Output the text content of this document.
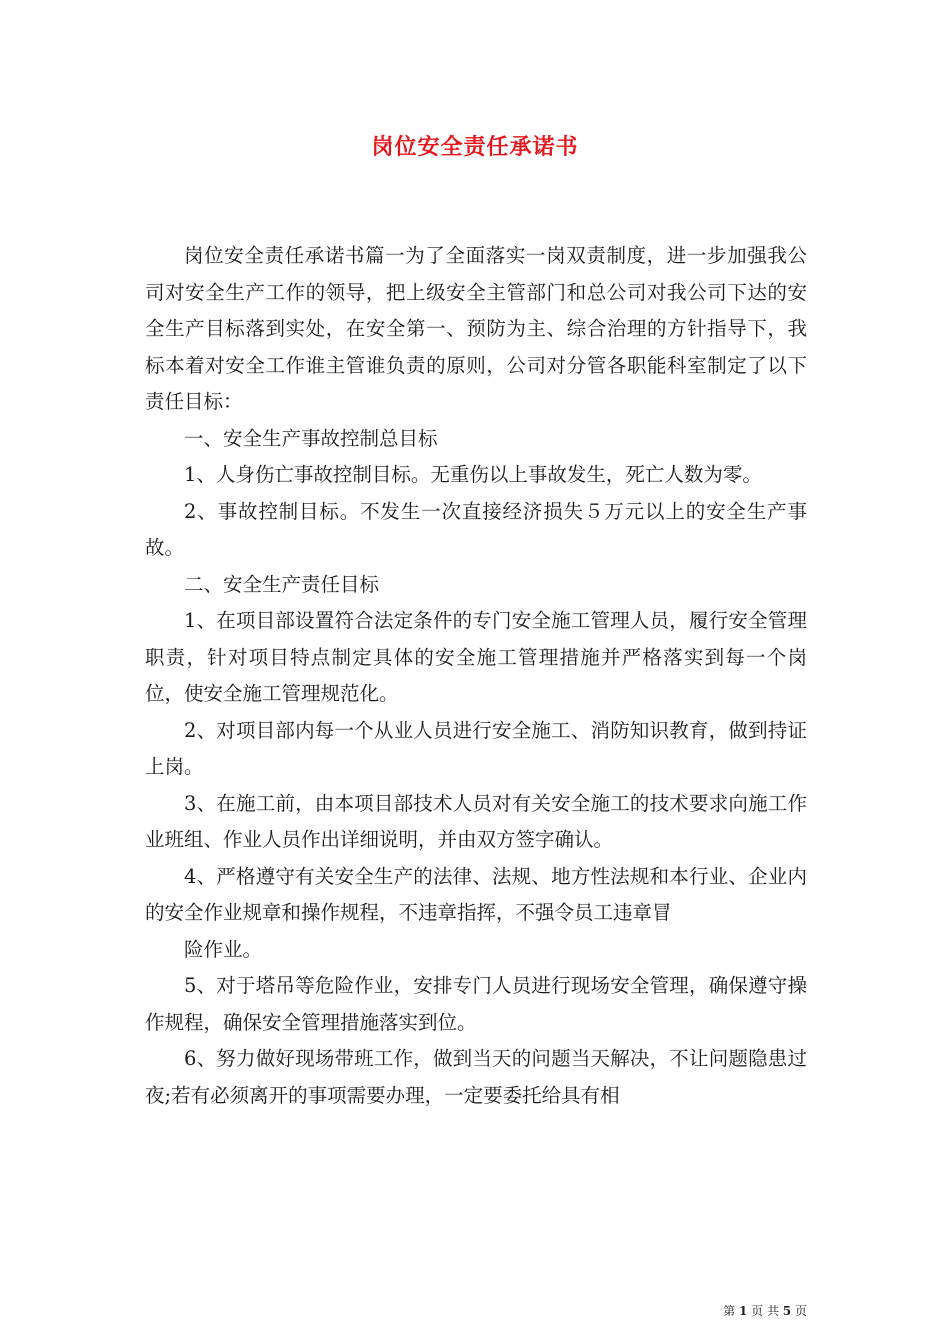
岗位安全责任承诺书

岗位安全责任承诺书篇一为了全面落实一岗双责制度，进一步加强我公司对安全生产工作的领导，把上级安全主管部门和总公司对我公司下达的安全生产目标落到实处，在安全第一、预防为主、综合治理的方针指导下，我标本着对安全工作谁主管谁负责的原则，公司对分管各职能科室制定了以下责任目标：

一、安全生产事故控制总目标

1、人身伤亡事故控制目标。无重伤以上事故发生，死亡人数为零。

2、事故控制目标。不发生一次直接经济损失５万元以上的安全生产事故。

二、安全生产责任目标

1、在项目部设置符合法定条件的专门安全施工管理人员，履行安全管理职责，针对项目特点制定具体的安全施工管理措施并严格落实到每一个岗位，使安全施工管理规范化。

2、对项目部内每一个从业人员进行安全施工、消防知识教育，做到持证上岗。

3、在施工前，由本项目部技术人员对有关安全施工的技术要求向施工作业班组、作业人员作出详细说明，并由双方签字确认。

4、严格遵守有关安全生产的法律、法规、地方性法规和本行业、企业内的安全作业规章和操作规程，不违章指挥，不强令员工违章冒

险作业。

5、对于塔吊等危险作业，安排专门人员进行现场安全管理，确保遵守操作规程，确保安全管理措施落实到位。

6、努力做好现场带班工作，做到当天的问题当天解决，不让问题隐患过夜;若有必须离开的事项需要办理，一定要委托给具有相

第 1 页 共 5 页
